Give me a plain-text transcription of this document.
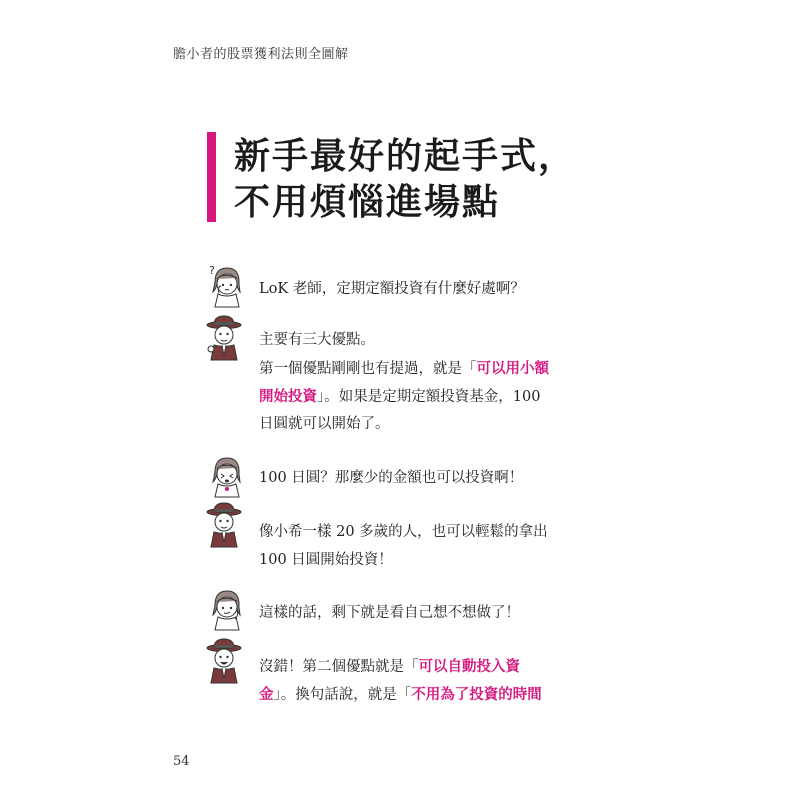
膽小者的股票獲利法則全圖解
新手最好的起手式，
不用煩惱進場點
?
LoK 老師，定期定額投資有什麼好處啊？
主要有三大優點。
第一個優點剛剛也有提過，就是「可以用小額
開始投資」。如果是定期定額投資基金，100
日圓就可以開始了。
100 日圓？那麼少的金額也可以投資啊！
像小希一樣 20 多歲的人，也可以輕鬆的拿出
100 日圓開始投資！
這樣的話，剩下就是看自己想不想做了！
沒錯！第二個優點就是「可以自動投入資
金」。換句話說，就是「不用為了投資的時間
54
